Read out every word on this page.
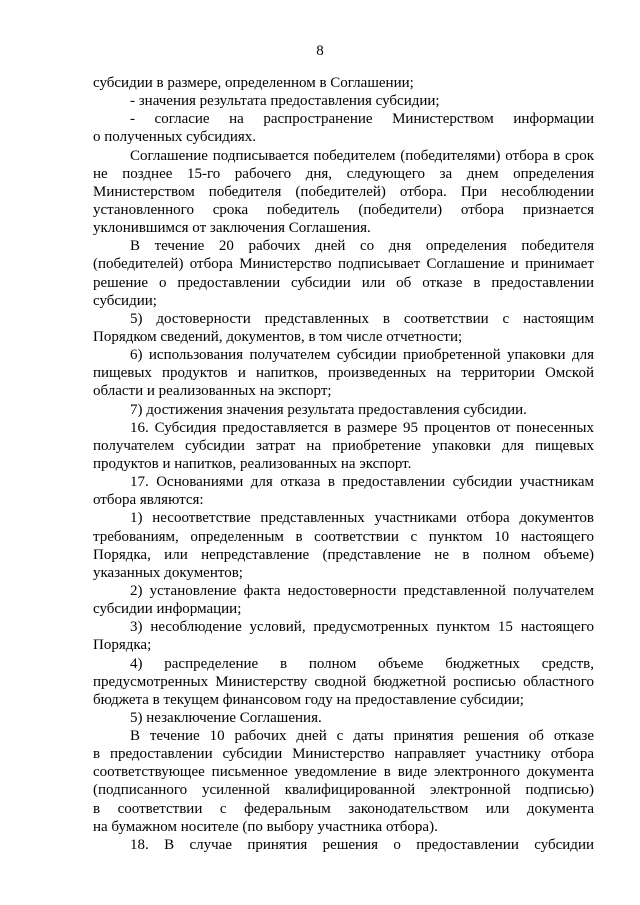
8
субсидии в размере, определенном в Соглашении;
- значения результата предоставления субсидии;
- согласие на распространение Министерством информации
о полученных субсидиях.
Соглашение подписывается победителем (победителями) отбора в срок
не позднее 15-го рабочего дня, следующего за днем определения
Министерством победителя (победителей) отбора. При несоблюдении
установленного срока победитель (победители) отбора признается
уклонившимся от заключения Соглашения.
В течение 20 рабочих дней со дня определения победителя
(победителей) отбора Министерство подписывает Соглашение и принимает
решение о предоставлении субсидии или об отказе в предоставлении
субсидии;
5) достоверности представленных в соответствии с настоящим
Порядком сведений, документов, в том числе отчетности;
6) использования получателем субсидии приобретенной упаковки для
пищевых продуктов и напитков, произведенных на территории Омской
области и реализованных на экспорт;
7) достижения значения результата предоставления субсидии.
16. Субсидия предоставляется в размере 95 процентов от понесенных
получателем субсидии затрат на приобретение упаковки для пищевых
продуктов и напитков, реализованных на экспорт.
17. Основаниями для отказа в предоставлении субсидии участникам
отбора являются:
1) несоответствие представленных участниками отбора документов
требованиям, определенным в соответствии с пунктом 10 настоящего
Порядка, или непредставление (представление не в полном объеме)
указанных документов;
2) установление факта недостоверности представленной получателем
субсидии информации;
3) несоблюдение условий, предусмотренных пунктом 15 настоящего
Порядка;
4) распределение в полном объеме бюджетных средств,
предусмотренных Министерству сводной бюджетной росписью областного
бюджета в текущем финансовом году на предоставление субсидии;
5) незаключение Соглашения.
В течение 10 рабочих дней с даты принятия решения об отказе
в предоставлении субсидии Министерство направляет участнику отбора
соответствующее письменное уведомление в виде электронного документа
(подписанного усиленной квалифицированной электронной подписью)
в соответствии с федеральным законодательством или документа
на бумажном носителе (по выбору участника отбора).
18. В случае принятия решения о предоставлении субсидии
